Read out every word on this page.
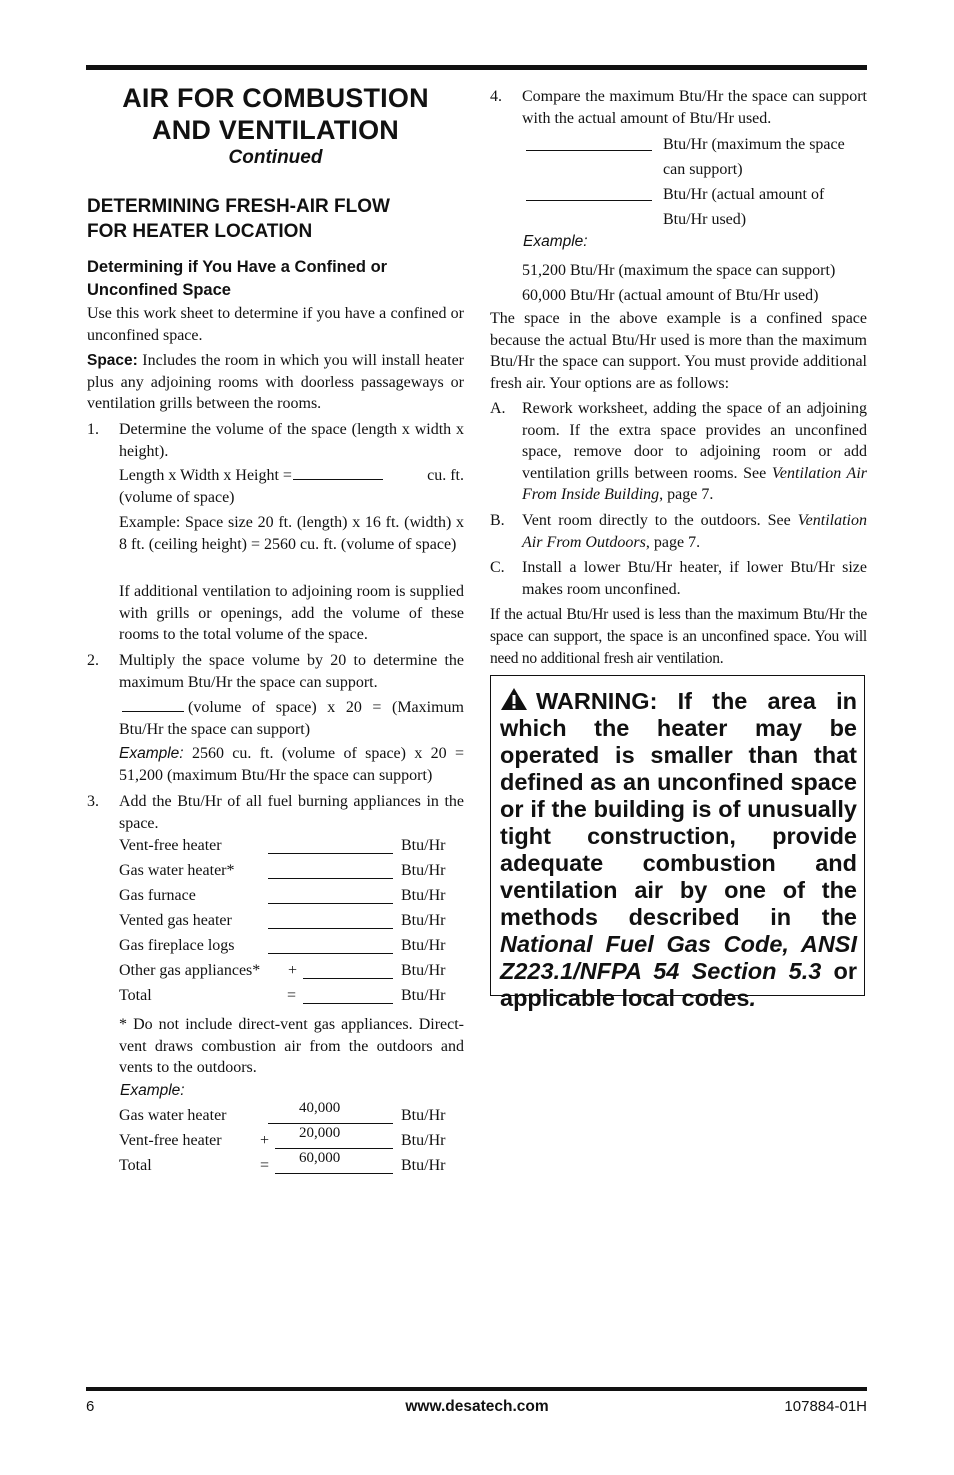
AIR FOR COMBUSTION
AND VENTILATION
Continued
DETERMINING FRESH-AIR FLOW
FOR HEATER LOCATION
Determining if You Have a Confined or
Unconfined Space
Use this work sheet to determine if you have a confined or unconfined space.
Space: Includes the room in which you will install heater plus any adjoining rooms with doorless passageways or ventilation grills between the rooms.
1. Determine the volume of the space (length x width x height).
Length x Width x Height =	cu. ft.
(volume of space)
Example: Space size 20 ft. (length) x 16 ft. (width) x 8 ft. (ceiling height) = 2560 cu. ft. (volume of space)
If additional ventilation to adjoining room is supplied with grills or openings, add the volume of these rooms to the total volume of the space.
2. Multiply the space volume by 20 to determine the maximum Btu/Hr the space can support.
(volume of space) x 20 = (Maximum Btu/Hr the space can support)
Example: 2560 cu. ft. (volume of space) x 20 = 51,200 (maximum Btu/Hr the space can support)
3. Add the Btu/Hr of all fuel burning appliances in the space.
Vent-free heater	Btu/Hr
Gas water heater*	Btu/Hr
Gas furnace	Btu/Hr
Vented gas heater	Btu/Hr
Gas fireplace logs	Btu/Hr
Other gas appliances* +	Btu/Hr
Total	=	Btu/Hr
* Do not include direct-vent gas appliances. Direct-vent draws combustion air from the outdoors and vents to the outdoors.
Example:
Gas water heater	40,000	Btu/Hr
Vent-free heater + 20,000	Btu/Hr
Total	= 60,000	Btu/Hr
4. Compare the maximum Btu/Hr the space can support with the actual amount of Btu/Hr used.
Btu/Hr (maximum the space can support)
Btu/Hr (actual amount of Btu/Hr used)
Example:
51,200 Btu/Hr (maximum the space can support)
60,000 Btu/Hr (actual amount of Btu/Hr used)
The space in the above example is a confined space because the actual Btu/Hr used is more than the maximum Btu/Hr the space can support. You must provide additional fresh air. Your options are as follows:
A. Rework worksheet, adding the space of an adjoining room. If the extra space provides an unconfined space, remove door to adjoining room or add ventilation grills between rooms. See Ventilation Air From Inside Building, page 7.
B. Vent room directly to the outdoors. See Ventilation Air From Outdoors, page 7.
C. Install a lower Btu/Hr heater, if lower Btu/Hr size makes room unconfined.
If the actual Btu/Hr used is less than the maximum Btu/Hr the space can support, the space is an unconfined space. You will need no additional fresh air ventilation.
WARNING: If the area in which the heater may be operated is smaller than that defined as an unconfined space or if the building is of unusually tight construction, provide adequate combustion and ventilation air by one of the methods described in the National Fuel Gas Code, ANSI Z223.1/NFPA 54 Section 5.3 or applicable local codes.
6	www.desatech.com	107884-01H
